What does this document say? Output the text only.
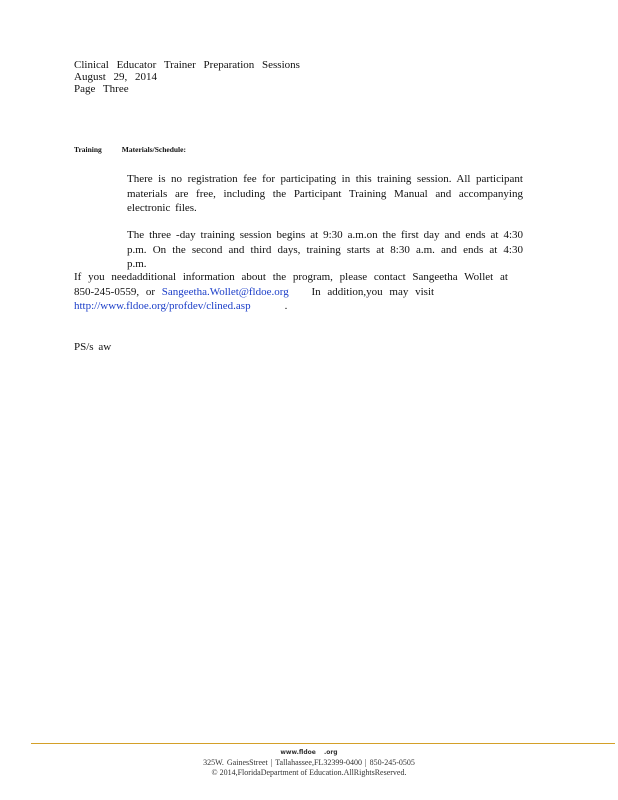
Clinical Educator Trainer Preparation Sessions
August 29, 2014
Page Three
Training	Materials/Schedule:
There is no registration fee for participating in this training session. All participant materials are free, including the Participant Training Manual and accompanying electronic files.
The three -day training session begins at 9:30 a.m.on the first day and ends at 4:30 p.m. On the second and third days, training starts at 8:30 a.m. and ends at 4:30 p.m.
If you needadditional information about the program, please contact Sangeetha Wollet at
850-245-0559, or Sangeetha.Wollet@fldoe.org In addition,you may visit
http://www.fldoe.org/profdev/clined.asp	.
PS/s aw
www.fldoe .org
325W. GainesStreet | Tallahassee,FL32399-0400 | 850-245-0505
© 2014,FloridaDepartment of Education.AllRightsReserved.
